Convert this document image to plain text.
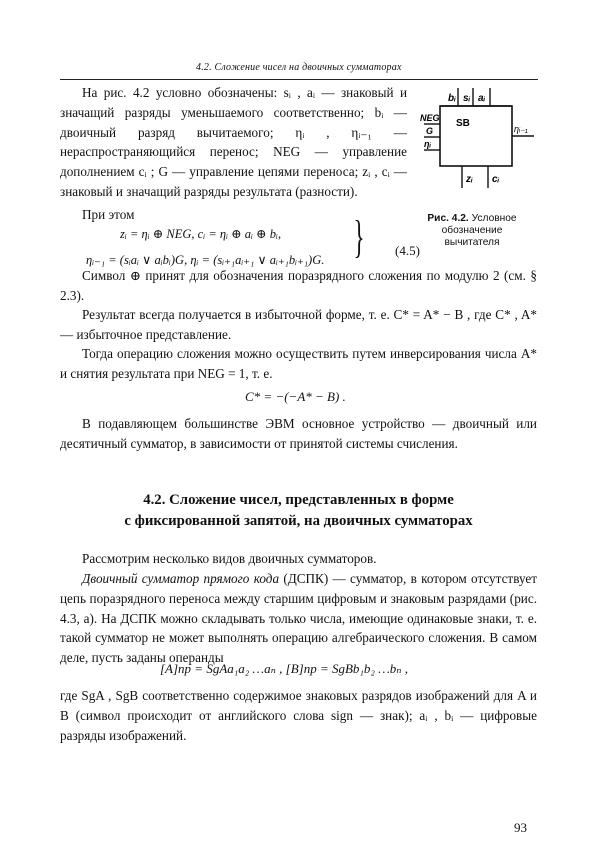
4.2. Сложение чисел на двоичных сумматорах
bᵢ sᵢ aᵢ
NEG
G
ηᵢ
SB	ηᵢ₋₁
zᵢ cᵢ
Рис. 4.2. Условное обозначение вычитателя
На рис. 4.2 условно обозначены: sᵢ , aᵢ — знаковый и значащий разряды уменьшаемого соответственно; bᵢ — двоичный разряд вычитаемого; ηᵢ , ηᵢ₋₁ — нераспространяющийся перенос; NEG — управление дополнением cᵢ ; G — управление цепями переноса; zᵢ , cᵢ — знаковый и значащий разряды результата (разности).
При этом
zᵢ = ηᵢ ⊕ NEG, cᵢ = ηᵢ ⊕ aᵢ ⊕ bᵢ,
ηᵢ₋₁ = (sᵢaᵢ ∨ aᵢbᵢ)G, ηᵢ = (sᵢ₊₁aᵢ₊₁ ∨ aᵢ₊₁bᵢ₊₁)G. } (4.5)
Символ ⊕ принят для обозначения поразрядного сложения по модулю 2 (см. § 2.3).
Результат всегда получается в избыточной форме, т. е. C* = A* − B , где C* , A* — избыточное представление.
Тогда операцию сложения можно осуществить путем инверсирования числа A* и снятия результата при NEG = 1, т. е.
C* = −(−A* − B) .
В подавляющем большинстве ЭВМ основное устройство — двоичный или десятичный сумматор, в зависимости от принятой системы счисления.
4.2. Сложение чисел, представленных в форме
с фиксированной запятой, на двоичных сумматорах
Рассмотрим несколько видов двоичных сумматоров.
Двоичный сумматор прямого кода (ДСПК) — сумматор, в котором отсутствует цепь поразрядного переноса между старшим цифровым и знаковым разрядами (рис. 4.3, а). На ДСПК можно складывать только числа, имеющие одинаковые знаки, т. е. такой сумматор не может выполнять операцию алгебраического сложения. В самом деле, пусть заданы операнды
[A]пр = SgAa₁a₂ …aₙ , [B]пр = SgBb₁b₂ …bₙ ,
где SgA , SgB соответственно содержимое знаковых разрядов изображений для A и B (символ происходит от английского слова sign — знак); aᵢ , bᵢ — цифровые разряды изображений.
93
